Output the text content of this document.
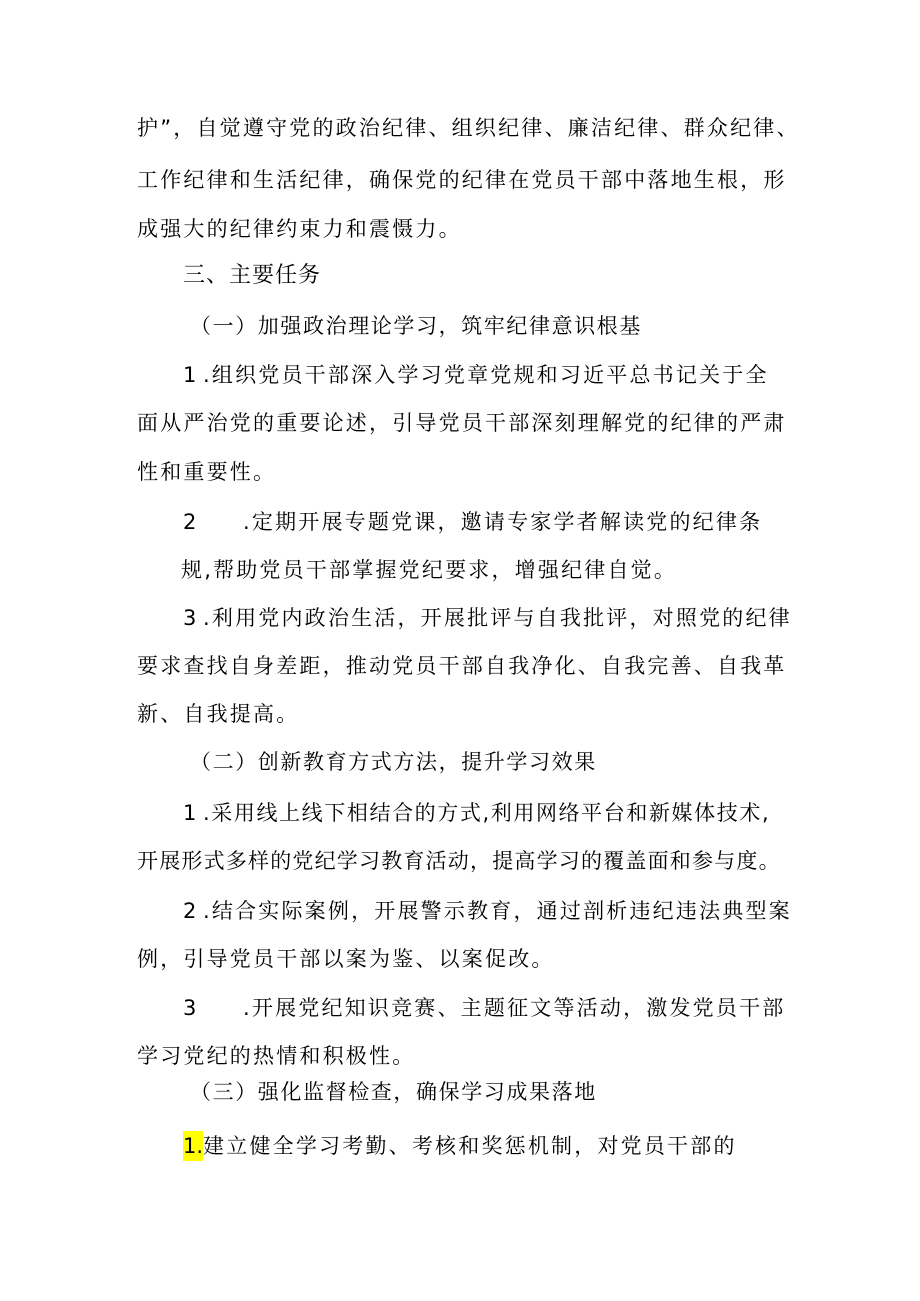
护”，自觉遵守党的政治纪律、组织纪律、廉洁纪律、群众纪律、

工作纪律和生活纪律，确保党的纪律在党员干部中落地生根，形

成强大的纪律约束力和震慑力。

三、主要任务

（一）加强政治理论学习，筑牢纪律意识根基

1 .组织党员干部深入学习党章党规和习近平总书记关于全

面从严治党的重要论述，引导党员干部深刻理解党的纪律的严肃

性和重要性。

2 .定期开展专题党课，邀请专家学者解读党的纪律条

规,帮助党员干部掌握党纪要求，增强纪律自觉。

3 .利用党内政治生活，开展批评与自我批评，对照党的纪律

要求查找自身差距，推动党员干部自我净化、自我完善、自我革

新、自我提高。

（二）创新教育方式方法，提升学习效果

1 .采用线上线下相结合的方式,利用网络平台和新媒体技术,

开展形式多样的党纪学习教育活动，提高学习的覆盖面和参与度。

2 .结合实际案例，开展警示教育，通过剖析违纪违法典型案

例，引导党员干部以案为鉴、以案促改。

3 .开展党纪知识竞赛、主题征文等活动，激发党员干部

学习党纪的热情和积极性。

（三）强化监督检查，确保学习成果落地

1.建立健全学习考勤、考核和奖惩机制，对党员干部的
